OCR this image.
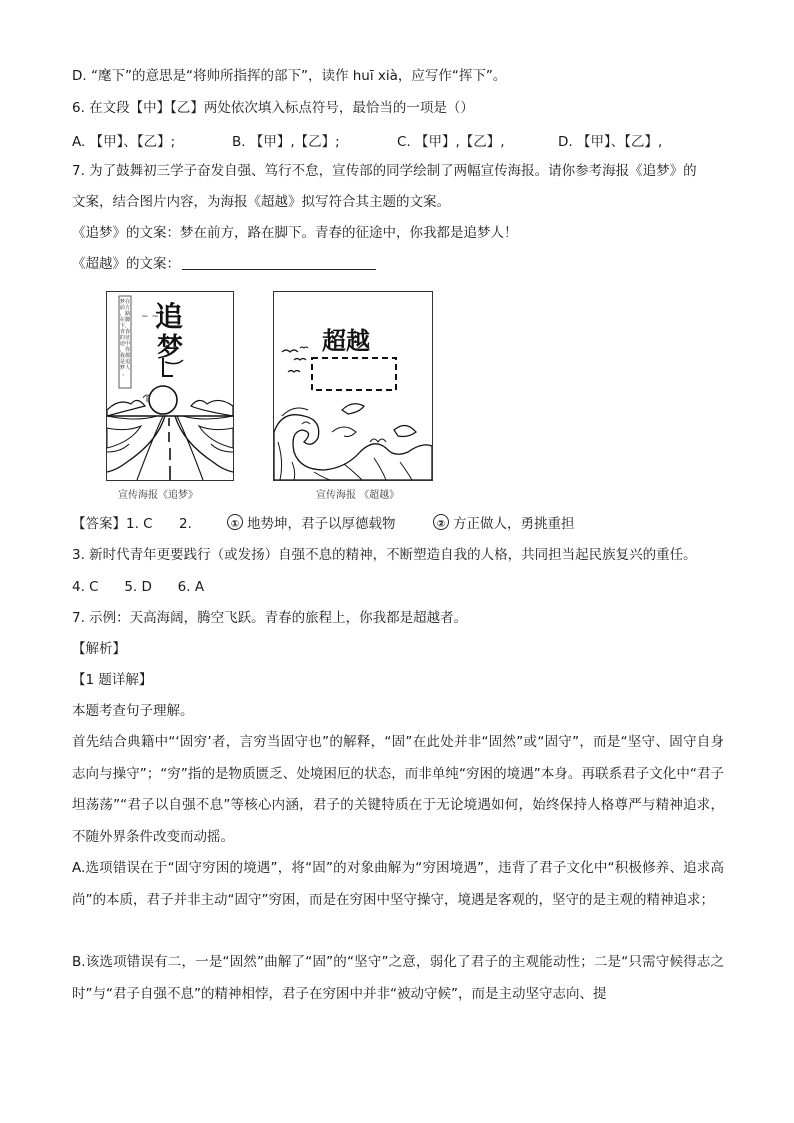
D. “麾下”的意思是“将帅所指挥的部下”，读作 huī xià，应写作“挥下”。
6. 在文段【中】【乙】两处依次填入标点符号，最恰当的一项是（）
A. 【甲】、【乙】;	B. 【甲】,【乙】;	C. 【甲】,【乙】,	D. 【甲】、【乙】,
7. 为了鼓舞初三学子奋发自强、笃行不怠，宣传部的同学绘制了两幅宣传海报。请你参考海报《追梦》的
文案，结合图片内容，为海报《超越》拟写符合其主题的文案。
《追梦》的文案：梦在前方，路在脚下。青春的征途中，你我都是追梦人！
《超越》的文案：
梦在前方，路在脚下，青春的征途中，你我都是追梦人。
~ ~
追
梦
宣传海报《追梦》
超越
宣传海报 《超越》
【答案】1. C 2.	① 地势坤，君子以厚德载物	② 方正做人，勇挑重担
3. 新时代青年更要践行（或发扬）自强不息的精神，不断塑造自我的人格，共同担当起民族复兴的重任。
4. C      5. D      6. A
7. 示例：天高海阔，腾空飞跃。青春的旅程上，你我都是超越者。
【解析】
【1 题详解】
本题考查句子理解。
首先结合典籍中“‘固穷’者，言穷当固守也”的解释，“固”在此处并非“固然”或“固守”，而是“坚守、固守自身志向与操守”；“穷”指的是物质匮乏、处境困厄的状态，而非单纯“穷困的境遇”本身。再联系君子文化中“君子坦荡荡”“君子以自强不息”等核心内涵，君子的关键特质在于无论境遇如何，始终保持人格尊严与精神追求，不随外界条件改变而动摇。
A.选项错误在于“固守穷困的境遇”，将“固”的对象曲解为“穷困境遇”，违背了君子文化中“积极修养、追求高尚”的本质，君子并非主动“固守”穷困，而是在穷困中坚守操守，境遇是客观的，坚守的是主观的精神追求；
B.该选项错误有二，一是“固然”曲解了“固”的“坚守”之意，弱化了君子的主观能动性；二是“只需守候得志之时”与“君子自强不息”的精神相悖，君子在穷困中并非“被动守候”，而是主动坚守志向、提
